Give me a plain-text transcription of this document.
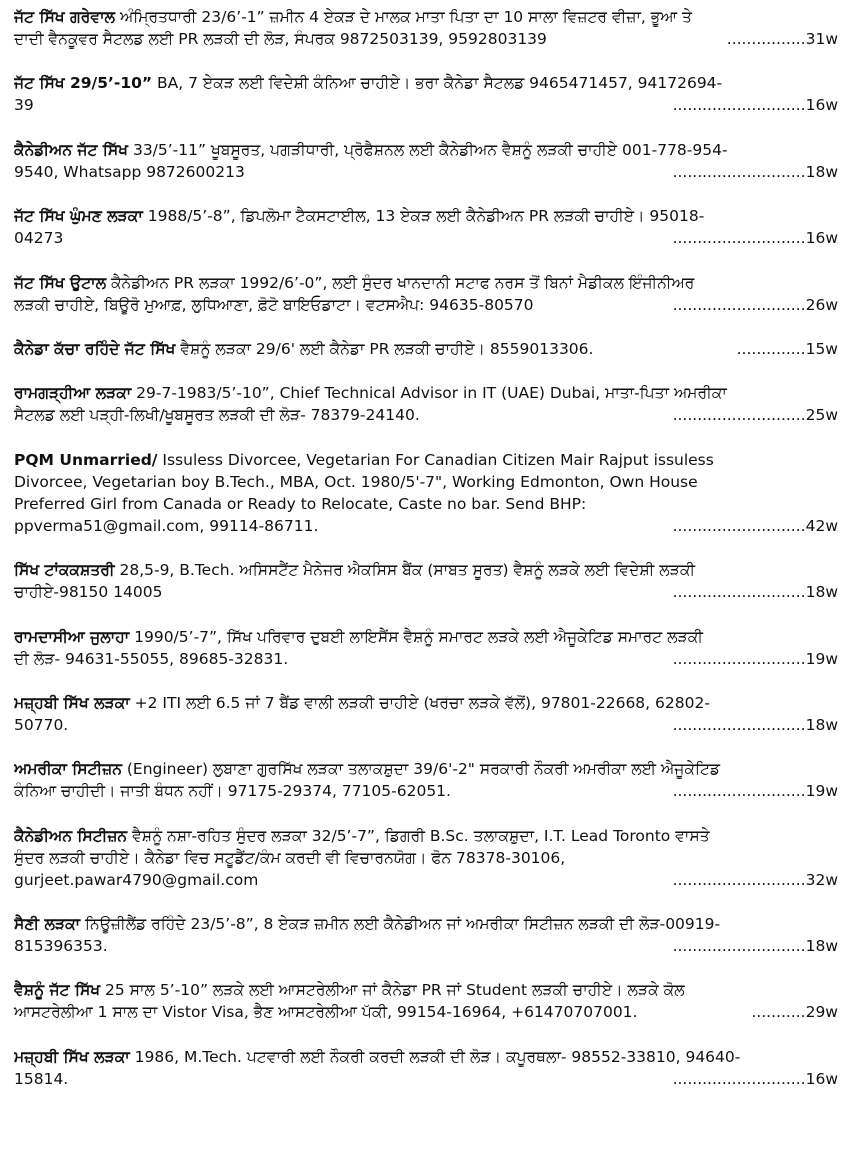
ਜੱਟ ਸਿੱਖ ਗਰੇਵਾਲ ਅੰਮ੍ਰਿਤਧਾਰੀ 23/6’-1” ਜ਼ਮੀਨ 4 ਏਕੜ ਦੇ ਮਾਲਕ ਮਾਤਾ ਪਿਤਾ ਦਾ 10 ਸਾਲਾ ਵਿਜ਼ਟਰ ਵੀਜ਼ਾ, ਭੂਆ ਤੇ
ਦਾਦੀ ਵੈਨਕੂਵਰ ਸੈਟਲਡ ਲਈ PR ਲੜਕੀ ਦੀ ਲੋੜ, ਸੰਪਰਕ 9872503139, 9592803139	................31w
ਜੱਟ ਸਿੱਖ 29/5’-10” BA, 7 ਏਕੜ ਲਈ ਵਿਦੇਸ਼ੀ ਕੰਨਿਆ ਚਾਹੀਏ। ਭਰਾ ਕੈਨੇਡਾ ਸੈਟਲਡ 9465471457, 94172694-
39	...........................16w
ਕੈਨੇਡੀਅਨ ਜੱਟ ਸਿੱਖ 33/5’-11” ਖੂਬਸੂਰਤ, ਪਗੜੀਧਾਰੀ, ਪ੍ਰੋਫੈਸ਼ਨਲ ਲਈ ਕੈਨੇਡੀਅਨ ਵੈਸ਼ਨੂੰ ਲੜਕੀ ਚਾਹੀਏ 001-778-954-
9540, Whatsapp 9872600213	...........................18w
ਜੱਟ ਸਿੱਖ ਘੁੰਮਣ ਲੜਕਾ 1988/5’-8”, ਡਿਪਲੋਮਾ ਟੈਕਸਟਾਈਲ, 13 ਏਕੜ ਲਈ ਕੈਨੇਡੀਅਨ PR ਲੜਕੀ ਚਾਹੀਏ। 95018-
04273	...........................16w
ਜੱਟ ਸਿੱਖ ਉਟਾਲ ਕੈਨੇਡੀਅਨ PR ਲੜਕਾ 1992/6’-0”, ਲਈ ਸੁੰਦਰ ਖਾਨਦਾਨੀ ਸਟਾਫ ਨਰਸ ਤੋਂ ਬਿਨਾਂ ਮੈਡੀਕਲ ਇੰਜੀਨੀਅਰ
ਲੜਕੀ ਚਾਹੀਏ, ਬਿਊਰੋ ਮੁਆਫ਼, ਲੁਧਿਆਣਾ, ਫ਼ੋਟੋ ਬਾਇਓਡਾਟਾ। ਵਟਸਐਪ: 94635-80570	...........................26w
ਕੈਨੇਡਾ ਕੱਚਾ ਰਹਿੰਦੇ ਜੱਟ ਸਿੱਖ ਵੈਸ਼ਨੂੰ ਲੜਕਾ 29/6' ਲਈ ਕੈਨੇਡਾ PR ਲੜਕੀ ਚਾਹੀਏ। 8559013306.	..............15w
ਰਾਮਗੜ੍ਹੀਆ ਲੜਕਾ 29-7-1983/5’-10”, Chief Technical Advisor in IT (UAE) Dubai, ਮਾਤਾ-ਪਿਤਾ ਅਮਰੀਕਾ
ਸੈਟਲਡ ਲਈ ਪੜ੍ਹੀ-ਲਿਖੀ/ਖੂਬਸੂਰਤ ਲੜਕੀ ਦੀ ਲੋੜ- 78379-24140.	...........................25w
PQM Unmarried/ Issuless Divorcee, Vegetarian For Canadian Citizen Mair Rajput issuless
Divorcee, Vegetarian boy B.Tech., MBA, Oct. 1980/5'-7", Working Edmonton, Own House
Preferred Girl from Canada or Ready to Relocate, Caste no bar. Send BHP:
ppverma51@gmail.com, 99114-86711.	...........................42w
ਸਿੱਖ ਟਾਂਕਕਸ਼ਤਰੀ 28,5-9, B.Tech. ਅਸਿਸਟੈਂਟ ਮੈਨੇਜਰ ਐਕਸਿਸ ਬੈਂਕ (ਸਾਬਤ ਸੂਰਤ) ਵੈਸ਼ਨੂੰ ਲੜਕੇ ਲਈ ਵਿਦੇਸ਼ੀ ਲੜਕੀ
ਚਾਹੀਏ-98150 14005	...........................18w
ਰਾਮਦਾਸੀਆ ਜੁਲਾਹਾ 1990/5’-7”, ਸਿੱਖ ਪਰਿਵਾਰ ਦੁਬਈ ਲਾਇਸੈਂਸ ਵੈਸ਼ਨੂੰ ਸਮਾਰਟ ਲੜਕੇ ਲਈ ਐਜੂਕੇਟਿਡ ਸਮਾਰਟ ਲੜਕੀ
ਦੀ ਲੋੜ- 94631-55055, 89685-32831.	...........................19w
ਮਜ਼੍ਹਬੀ ਸਿੱਖ ਲੜਕਾ +2 ITI ਲਈ 6.5 ਜਾਂ 7 ਬੈਂਡ ਵਾਲੀ ਲੜਕੀ ਚਾਹੀਏ (ਖਰਚਾ ਲੜਕੇ ਵੱਲੋਂ), 97801-22668, 62802-
50770.	...........................18w
ਅਮਰੀਕਾ ਸਿਟੀਜ਼ਨ (Engineer) ਲੁਬਾਣਾ ਗੁਰਸਿੱਖ ਲੜਕਾ ਤਲਾਕਸ਼ੁਦਾ 39/6'-2" ਸਰਕਾਰੀ ਨੌਕਰੀ ਅਮਰੀਕਾ ਲਈ ਐਜੂਕੇਟਿਡ
ਕੰਨਿਆ ਚਾਹੀਦੀ। ਜਾਤੀ ਬੰਧਨ ਨਹੀਂ। 97175-29374, 77105-62051.	...........................19w
ਕੈਨੇਡੀਅਨ ਸਿਟੀਜ਼ਨ ਵੈਸ਼ਨੂੰ ਨਸ਼ਾ-ਰਹਿਤ ਸੁੰਦਰ ਲੜਕਾ 32/5’-7”, ਡਿਗਰੀ B.Sc. ਤਲਾਕਸ਼ੁਦਾ, I.T. Lead Toronto ਵਾਸਤੇ
ਸੁੰਦਰ ਲੜਕੀ ਚਾਹੀਏ। ਕੈਨੇਡਾ ਵਿਚ ਸਟੂਡੈਂਟ/ਕੰਮ ਕਰਦੀ ਵੀ ਵਿਚਾਰਨਯੋਗ। ਫੋਨ 78378-30106,
gurjeet.pawar4790@gmail.com	...........................32w
ਸੈਣੀ ਲੜਕਾ ਨਿਊਜ਼ੀਲੈਂਡ ਰਹਿੰਦੇ 23/5’-8”, 8 ਏਕੜ ਜ਼ਮੀਨ ਲਈ ਕੈਨੇਡੀਅਨ ਜਾਂ ਅਮਰੀਕਾ ਸਿਟੀਜ਼ਨ ਲੜਕੀ ਦੀ ਲੋੜ-00919-
815396353.	...........................18w
ਵੈਸ਼ਨੂੰ ਜੱਟ ਸਿੱਖ 25 ਸਾਲ 5’-10” ਲੜਕੇ ਲਈ ਆਸਟਰੇਲੀਆ ਜਾਂ ਕੈਨੇਡਾ PR ਜਾਂ Student ਲੜਕੀ ਚਾਹੀਏ। ਲੜਕੇ ਕੋਲ
ਆਸਟਰੇਲੀਆ 1 ਸਾਲ ਦਾ Vistor Visa, ਭੈਣ ਆਸਟਰੇਲੀਆ ਪੱਕੀ, 99154-16964, +61470707001.	...........29w
ਮਜ਼੍ਹਬੀ ਸਿੱਖ ਲੜਕਾ 1986, M.Tech. ਪਟਵਾਰੀ ਲਈ ਨੌਕਰੀ ਕਰਦੀ ਲੜਕੀ ਦੀ ਲੋੜ। ਕਪੂਰਥਲਾ- 98552-33810, 94640-
15814.	...........................16w
